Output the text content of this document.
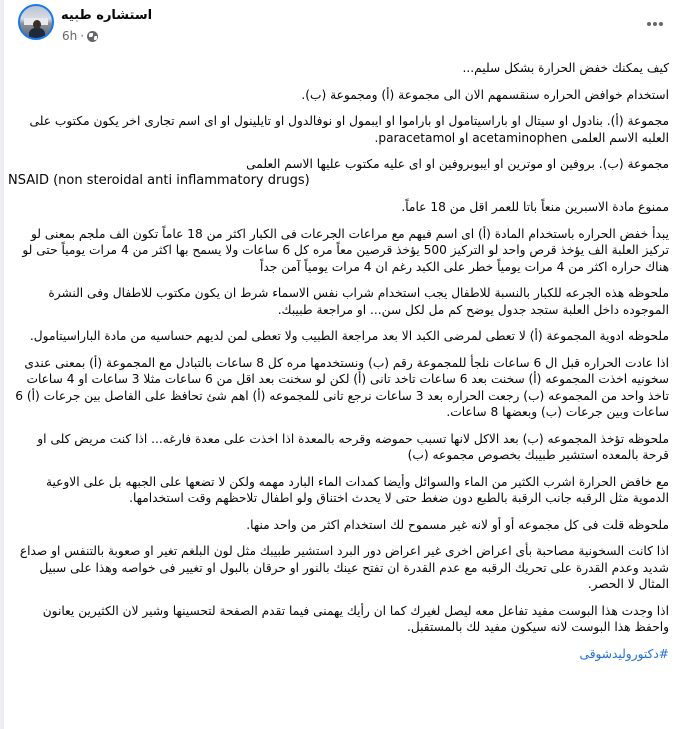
استشاره طبيه
6h ·

كيف يمكنك خفض الحرارة بشكل سليم...

استخدام خوافض الحراره سنقسمهم الان الى مجموعة (أ) ومجموعة (ب).

مجموعة (أ). بنادول او سيتال او باراسيتامول او باراموا او ايبمول او نوفالدول او تايلينول او اى اسم تجارى اخر يكون مكتوب على العلبه الاسم العلمى acetaminophen او paracetamol.

مجموعة (ب). بروفين او موترين او ايبوبروفين او اى عليه مكتوب عليها الاسم العلمى
NSAID (non steroidal anti inflammatory drugs)

ممنوع مادة الاسبرين منعاً باتا للعمر اقل من 18 عاماً.

يبدأ خفض الحراره باستخدام المادة (أ) اى اسم فيهم مع مراعات الجرعات فى الكبار اكثر من 18 عاماً تكون الف ملجم بمعنى لو تركيز العلبة الف يؤخذ قرص واحد لو التركيز 500 يؤخذ قرصين معاً مره كل 6 ساعات ولا يسمح بها اكثر من 4 مرات يومياً حتى لو هناك حراره اكثر من 4 مرات يومياً خطر على الكبد رغم ان 4 مرات يومياً آمن جداً

ملحوظه هذه الجرعه للكبار بالنسبة للاطفال يجب استخدام شراب نفس الاسماء شرط ان يكون مكتوب للاطفال وفى النشرة الموجوده داخل العلبة ستجد جدول يوضح كم مل لكل سن... او مراجعة طبيبك.

ملحوظه ادوية المجموعة (أ) لا تعطى لمرضى الكبد الا بعد مراجعة الطبيب ولا تعطى لمن لديهم حساسيه من مادة الباراسيتامول.

اذا عادت الحراره قبل ال 6 ساعات نلجأ للمجموعة رقم (ب) ونستخدمها مره كل 8 ساعات بالتبادل مع المجموعة (أ) بمعنى عندى سخونيه اخذت المجموعه (أ) سخنت بعد 6 ساعات تاخد تانى (أ) لكن لو سخنت بعد اقل من 6 ساعات مثلا 3 ساعات او 4 ساعات تاخذ واحد من المجموعه (ب) رجعت الحراره بعد 3 ساعات نرجع تانى للمجموعه (أ) اهم شئ تحافظ على الفاصل بين جرعات (أ) 6 ساعات وبين جرعات (ب) وبعضها 8 ساعات.

ملحوظه تؤخذ المجموعه (ب) بعد الاكل لانها تسبب حموضه وقرحه بالمعدة اذا اخذت على معدة فارغه... اذا كنت مريض كلى او قرحة بالمعده استشير طبيبك بخصوص مجموعه (ب)

مع خافض الحرارة اشرب الكثير من الماء والسوائل وأيضا كمدات الماء البارد مهمه ولكن لا تضعها على الجبهه بل على الاوعية الدموية مثل الرقبه جانب الرقبة بالطبع دون ضغط حتى لا يحدث اختناق ولو اطفال تلاحظهم وقت استخدامها.

ملحوظه قلت فى كل مجموعه أو أو لانه غير مسموح لك استخدام اكثر من واحد منها.

اذا كانت السخونية مصاحبة بأى اعراض اخرى غير اعراض دور البرد استشير طبيبك مثل لون البلغم تغير او صعوبة بالتنفس او صداع شديد وعدم القدرة على تحريك الرقبه مع عدم القدرة ان تفتح عينك بالنور او حرقان بالبول او تغيير فى خواصه وهذا على سبيل المثال لا الحصر.

اذا وجدت هذا البوست مفيد تفاعل معه ليصل لغيرك كما ان رأيك يهمنى فيما تقدم الصفحة لتحسينها وشير لان الكثيرين يعانون واحفظ هذا البوست لانه سيكون مفيد لك بالمستقبل.

#دكتوروليدشوقى
